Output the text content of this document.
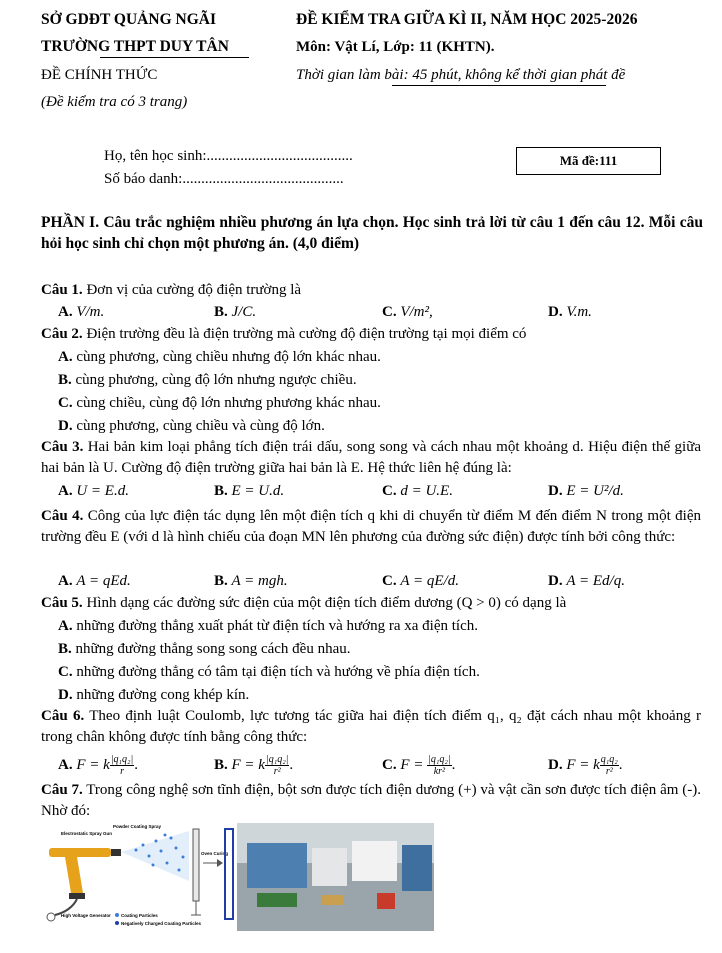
SỞ GDĐT QUẢNG NGÃI
TRƯỜNG THPT DUY TÂN
ĐỀ CHÍNH THỨC
(Đề kiểm tra có 3 trang)
ĐỀ KIỂM TRA GIỮA KÌ II, NĂM HỌC 2025-2026
Môn: Vật Lí, Lớp: 11 (KHTN).
Thời gian làm bài: 45 phút, không kể thời gian phát đề
Họ, tên học sinh:.......................................
Số báo danh:...........................................
Mã đề:111
PHẦN I. Câu trắc nghiệm nhiều phương án lựa chọn. Học sinh trả lời từ câu 1 đến câu 12. Mỗi câu hỏi học sinh chỉ chọn một phương án. (4,0 điểm)
Câu 1. Đơn vị của cường độ điện trường là
A. V/m.	B. J/C.	C. V/m²,	D. V.m.
Câu 2. Điện trường đều là điện trường mà cường độ điện trường tại mọi điểm có
A. cùng phương, cùng chiều nhưng độ lớn khác nhau.
B. cùng phương, cùng độ lớn nhưng ngược chiều.
C. cùng chiều, cùng độ lớn nhưng phương khác nhau.
D. cùng phương, cùng chiều và cùng độ lớn.
Câu 3. Hai bản kim loại phẳng tích điện trái dấu, song song và cách nhau một khoảng d. Hiệu điện thế giữa hai bản là U. Cường độ điện trường giữa hai bản là E. Hệ thức liên hệ đúng là:
A. U = E.d.	B. E = U.d.	C. d = U.E.	D. E = U²/d.
Câu 4. Công của lực điện tác dụng lên một điện tích q khi di chuyển từ điểm M đến điểm N trong một điện trường đều E (với d là hình chiếu của đoạn MN lên phương của đường sức điện) được tính bởi công thức:
A. A = qEd.	B. A = mgh.	C. A = qE/d.	D. A = Ed/q.
Câu 5. Hình dạng các đường sức điện của một điện tích điểm dương (Q > 0) có dạng là
A. những đường thẳng xuất phát từ điện tích và hướng ra xa điện tích.
B. những đường thẳng song song cách đều nhau.
C. những đường thẳng có tâm tại điện tích và hướng về phía điện tích.
D. những đường cong khép kín.
Câu 6. Theo định luật Coulomb, lực tương tác giữa hai điện tích điểm q₁, q₂ đặt cách nhau một khoảng r trong chân không được tính bằng công thức:
A. F = k $\frac{\text{|q₁q₂|}}{r}$ .	B. F = k $\frac{\text{|q₁q₂|}}{\text{r²}}$ .	C. $F = \frac{\text{|q₁q₂|}}{\text{kr²}}$ .	D. F = k $\frac{\text{q₁q₂}}{\text{r²}}$ .
Câu 7. Trong công nghệ sơn tĩnh điện, bột sơn được tích điện dương (+) và vật cần sơn được tích điện âm (-). Nhờ đó:
Electrostatic Spray Gun
Powder Coating Spray
Oven Curing
High Voltage Generator Coating Particles
Negatively Charged Coating Particles
